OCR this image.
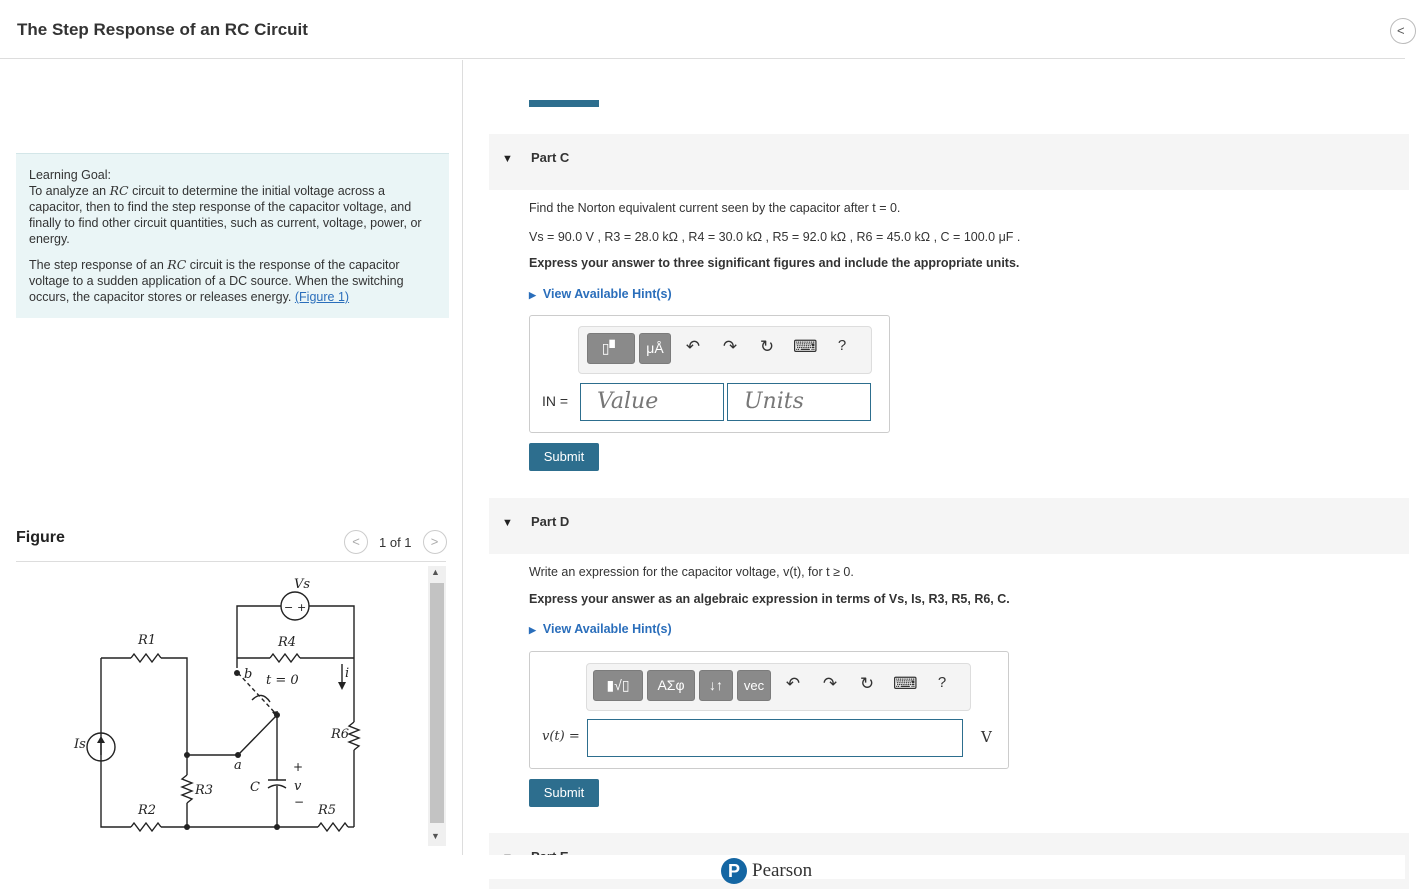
The Step Response of an RC Circuit	<

Learning Goal:
To analyze an RC circuit to determine the initial voltage across a capacitor, then to find the step response of the capacitor voltage, and finally to find other circuit quantities, such as current, voltage, power, or energy.

The step response of an RC circuit is the response of the capacitor voltage to a sudden application of a DC source. When the switching occurs, the capacitor stores or releases energy. (Figure 1)

Figure	<	1 of 1	>
▲
▼
Vs
R1
R2
R3
R4
R5
R6
Is
C	v
i
b
a
t = 0
+
−
− +
▼ Part C
Find the Norton equivalent current seen by the capacitor after t = 0.
Vs = 90.0 V , R3 = 28.0 kΩ , R4 = 30.0 kΩ , R5 = 92.0 kΩ , R6 = 45.0 kΩ , C = 100.0 μF .
Express your answer to three significant figures and include the appropriate units.
▶ View Available Hint(s)
▯▘	μÅ	↶ ↷ ↻ ⌨	?
IN =	Value	Units
Submit
▼ Part D
Write an expression for the capacitor voltage, v(t), for t ≥ 0.
Express your answer as an algebraic expression in terms of Vs, Is, R3, R5, R6, C.
▶ View Available Hint(s)
▮√▯	ΑΣφ	↓↑	vec	↶ ↷ ↻ ⌨	?
v(t) =	V
Submit
P Pearson
